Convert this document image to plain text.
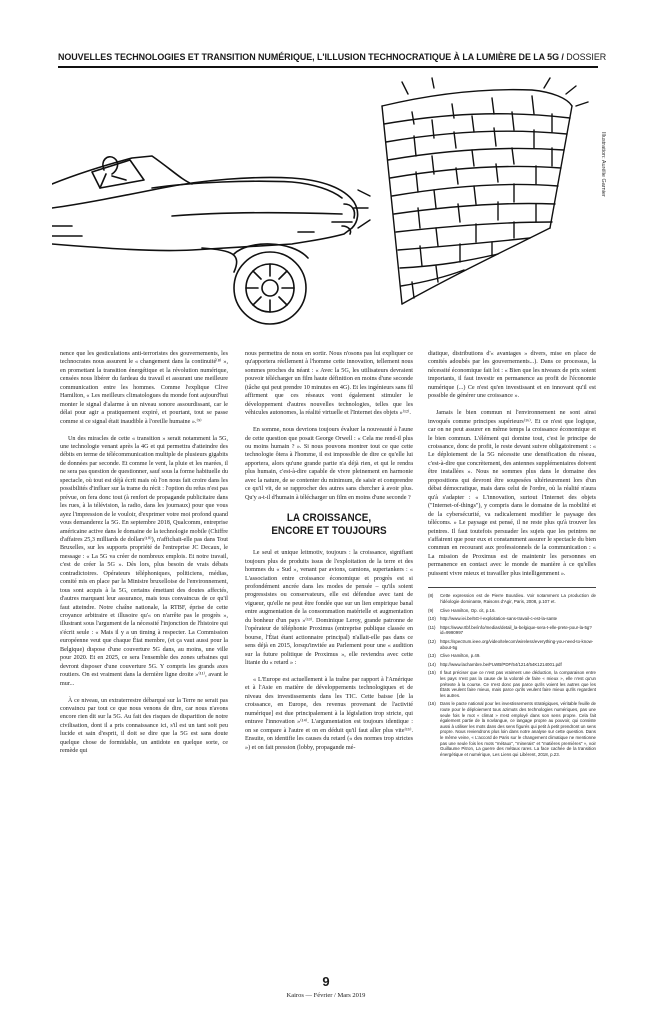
NOUVELLES TECHNOLOGIES ET TRANSITION NUMÉRIQUE, L'ILLUSION TECHNOCRATIQUE À LA LUMIÈRE DE LA 5G / DOSSIER
Illustration: Aurélie Garnier

nence que les gesticulations anti-terroristes des gouvernements, les technocrates nous assurent le « changement dans la continuité⁽⁸⁾ », en promettant la transition énergétique et la révolution numérique, censées nous libérer du fardeau du travail et assurant une meilleure communication entre les hommes. Comme l'explique Clive Hamilton, « Les meilleurs climatologues du monde font aujourd'hui monter le signal d'alarme à un niveau sonore assourdissant, car le délai pour agir a pratiquement expiré, et pourtant, tout se passe comme si ce signal était inaudible à l'oreille humaine ».⁽⁹⁾

Un des miracles de cette « transition » serait notamment la 5G, une technologie venant après la 4G et qui permettra d'atteindre des débits en terme de télécommunication multiple de plusieurs gigabits de données par seconde. Et comme le vent, la pluie et les marées, il ne sera pas question de questionner, sauf sous la forme habituelle du spectacle, où tout est déjà écrit mais où l'on nous fait croire dans les possibilités d'influer sur la trame du récit : l'option du refus n'est pas prévue, on fera donc tout (à renfort de propagande publicitaire dans les rues, à la télévision, la radio, dans les journaux) pour que vous ayez l'impression de le vouloir, d'exprimer votre moi profond quand vous demanderez la 5G. En septembre 2018, Qualcomm, entreprise américaine active dans le domaine de la technologie mobile (Chiffre d'affaires 25,3 milliards de dollars⁽¹⁰⁾), n'affichait-elle pas dans Tout Bruxelles, sur les supports propriété de l'entreprise JC Decaux, le message : « La 5G va créer de nombreux emplois. Et notre travail, c'est de créer la 5G ». Dès lors, plus besoin de vrais débats contradictoires. Opérateurs téléphoniques, politiciens, médias, comité mis en place par la Ministre bruxelloise de l'environnement, tous sont acquis à la 5G, certains émettant des doutes affectés, d'autres marquant leur assurance, mais tous convaincus de ce qu'il faut atteindre. Notre chaîne nationale, la RTBF, éprise de cette croyance arbitraire et illusoire qu'« on n'arrête pas le progrès », illustrant sous l'argument de la nécessité l'injonction de l'histoire qui s'écrit seule : « Mais il y a un timing à respecter. La Commission européenne veut que chaque État membre, (et ça vaut aussi pour la Belgique) dispose d'une couverture 5G dans, au moins, une ville pour 2020. Et en 2025, ce sera l'ensemble des zones urbaines qui devront disposer d'une couverture 5G. Y compris les grands axes routiers. On est vraiment dans la dernière ligne droite »⁽¹¹⁾, avant le mur...

À ce niveau, un extraterrestre débarqué sur la Terre ne serait pas convaincu par tout ce que nous venons de dire, car nous n'avons encore rien dit sur la 5G. Au fait des risques de disparition de notre civilisation, dont il a pris connaissance ici, s'il est un tant soit peu lucide et sain d'esprit, il doit se dire que la 5G est sans doute quelque chose de formidable, un antidote en quelque sorte, ce remède qui

nous permettra de nous en sortir. Nous n'osons pas lui expliquer ce qu'apportera réellement à l'homme cette innovation, tellement nous sommes proches du néant : « Avec la 5G, les utilisateurs devraient pouvoir télécharger un film haute définition en moins d'une seconde (tâche qui peut prendre 10 minutes en 4G). Et les ingénieurs sans fil affirment que ces réseaux vont également stimuler le développement d'autres nouvelles technologies, telles que les véhicules autonomes, la réalité virtuelle et l'Internet des objets »⁽¹²⁾.

En somme, nous devrions toujours évaluer la nouveauté à l'aune de cette question que posait George Orwell : « Cela me rend-il plus ou moins humain ? ». Si nous pouvons montrer tout ce que cette technologie ôtera à l'homme, il est impossible de dire ce qu'elle lui apportera, alors qu'une grande partie n'a déjà rien, et qui le rendra plus humain, c'est-à-dire capable de vivre pleinement en harmonie avec la nature, de se contenter du minimum, de saisir et comprendre ce qu'il vit, de se rapprocher des autres sans chercher à avoir plus. Qu'y a-t-il d'humain à télécharger un film en moins d'une seconde ?

LA CROISSANCE,
ENCORE ET TOUJOURS

Le seul et unique leitmotiv, toujours : la croissance, signifiant toujours plus de produits issus de l'exploitation de la terre et des hommes du « Sud », venant par avions, camions, supertankers : « L'association entre croissance économique et progrès est si profondément ancrée dans les modes de pensée – qu'ils soient progressistes ou conservateurs, elle est défendue avec tant de vigueur, qu'elle ne peut être fondée que sur un lien empirique banal entre augmentation de la consommation matérielle et augmentation du bonheur d'un pays »⁽¹³⁾. Dominique Leroy, grande patronne de l'opérateur de téléphonie Proximus (entreprise publique classée en bourse, l'État étant actionnaire principal) n'allait-elle pas dans ce sens déjà en 2015, lorsqu'invitée au Parlement pour une « audition sur la future politique de Proximus », elle reviendra avec cette litanie du « retard » :

« L'Europe est actuellement à la traîne par rapport à l'Amérique et à l'Asie en matière de développements technologiques et de niveau des investissements dans les TIC. Cette baisse [de la croissance, en Europe, des revenus provenant de l'activité numérique] est due principalement à la législation trop stricte, qui entrave l'innovation »⁽¹⁴⁾. L'argumentation est toujours identique : on se compare à l'autre et on en déduit qu'il faut aller plus vite⁽¹⁵⁾. Ensuite, on identifie les causes du retard (« des normes trop strictes ») et on fait pression (lobby, propagande mé-

diatique, distributions d'« avantages » divers, mise en place de comités adoubés par les gouvernements...). Dans ce processus, la nécessité économique fait loi : « Bien que les niveaux de prix soient importants, il faut investir en permanence au profit de l'économie numérique (...) Ce n'est qu'en investissant et en innovant qu'il est possible de générer une croissance ».

Jamais le bien commun ni l'environnement ne sont ainsi invoqués comme principes supérieurs⁽¹⁶⁾. Et ce n'est que logique, car on ne peut assurer en même temps la croissance économique et le bien commun. L'élément qui domine tout, c'est le principe de croissance, donc de profit, le reste devant suivre obligatoirement : « Le déploiement de la 5G nécessite une densification du réseau, c'est-à-dire que concrètement, des antennes supplémentaires doivent être installées ». Nous ne sommes plus dans le domaine des propositions qui devront être soupesées ultérieurement lors d'un débat démocratique, mais dans celui de l'ordre, où la réalité n'aura qu'à s'adapter : « L'innovation, surtout l'Internet des objets ("Internet-of-things"), y compris dans le domaine de la mobilité et de la cybersécurité, va radicalement modifier le paysage des télécoms. » Le paysage est pensé, il ne reste plus qu'à trouver les peintres. Il faut toutefois persuader les sujets que les peintres ne s'affairent que pour eux et constamment assurer le spectacle du bien commun en recourant aux professionnels de la communication : « La mission de Proximus est de maintenir les personnes en permanence en contact avec le monde de manière à ce qu'elles puissent vivre mieux et travailler plus intelligemment ».

(8)	Cette expression est de Pierre Bourdieu. Voir notamment La production de l'idéologie dominante, Raisons d'Agir, Paris, 2008, p.107 et.
(9)	Clive Hamilton, Op. cit, p.16.
(10) http://www.iei.be/5G-l-exploitation-sans-travail-c-est-la-sante
(11)	https://www.rtbf.be/info/medias/detail_la-belgique-sera-t-elle-prete-pour-la-5g?id=9990997
(12) https://spectrum.ieee.org/video/telecom/wireless/everything-you-need-to-know-about-5g
(13) Clive Hamilton, p.49.
(14) http://www.lachambre.be/FLWB/PDF/54/1214/54K1214001.pdf
(15) Il faut préciser que ce n'est pas vraiment une déduction, la comparaison entre les pays n'est pas la cause de la volonté de faire « mieux », elle n'est qu'un prétexte à la course. Ce n'est donc pas parce qu'ils voient les autres que les États veulent faire mieux, mais parce qu'ils veulent faire mieux qu'ils regardent les autres.
(16) Dans le pacte national pour les investissements stratégiques, véritable feuille de route pour le déploiement tous azimuts des technologies numériques, pas une seule fois le mot « climat » n'est employé dans son sens propre. Cela fait également partie de la novlangue, ce langage propre au pouvoir, qui consiste aussi à utiliser les mots dans des sens figurés qui petit à petit prendront un sens propre. Nous reviendrons plus loin dans notre analyse sur cette question. Dans le même veine, « L'accord de Paris sur le changement climatique ne mentionne pas une seule fois les mots "métaux", "minerais" et "matières premières" », voir Guillaume Pitron, La guerre des métaux rares. La face cachée de la transition énergétique et numérique, Les Liens qui Libèrent, 2018, p.23.
9
Kairos — Février / Mars 2019
